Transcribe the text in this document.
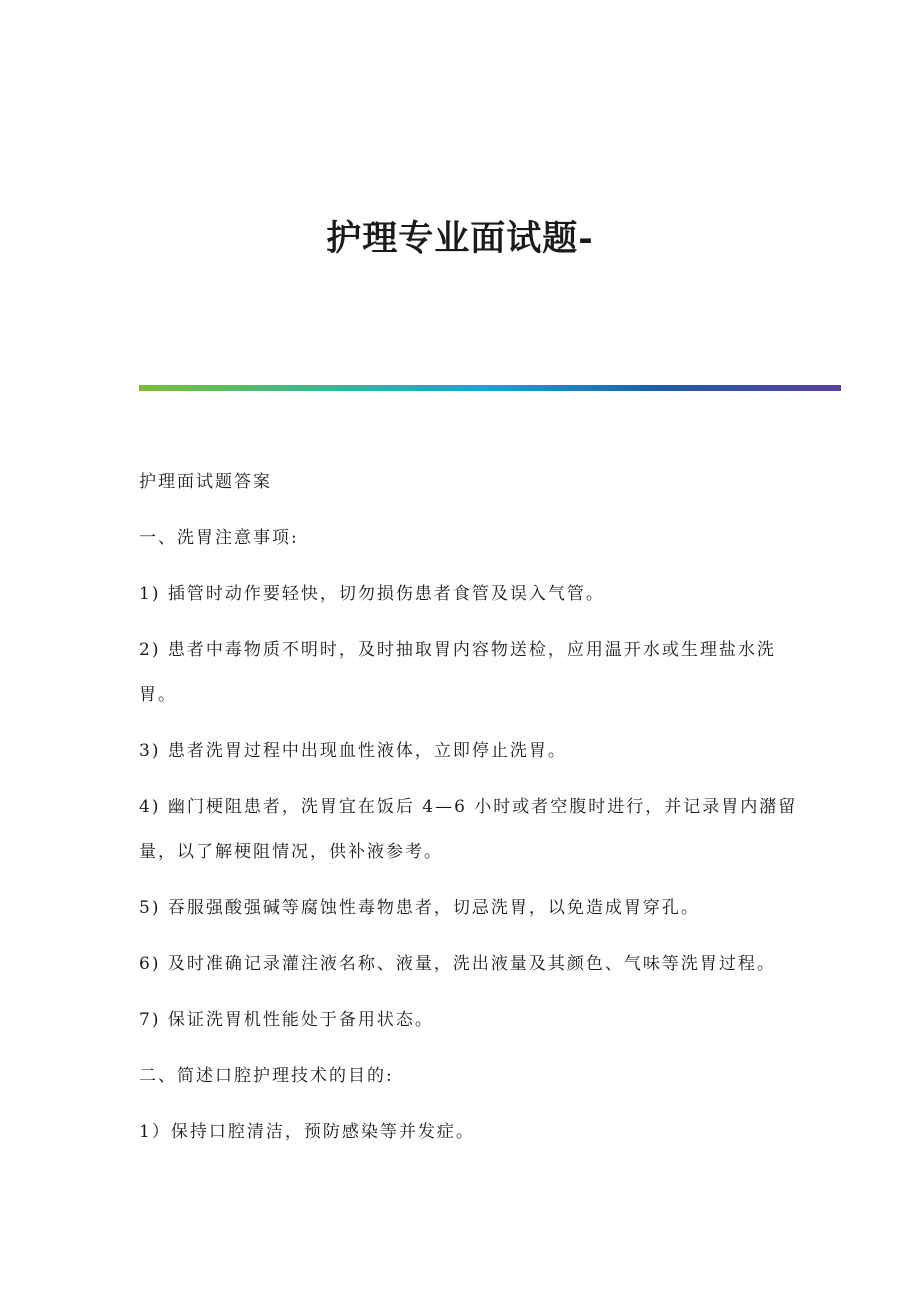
护理专业面试题-
护理面试题答案
一、洗胃注意事项:
1) 插管时动作要轻快，切勿损伤患者食管及误入气管。
2) 患者中毒物质不明时，及时抽取胃内容物送检，应用温开水或生理盐水洗
胃。
3) 患者洗胃过程中出现血性液体，立即停止洗胃。
4) 幽门梗阻患者，洗胃宜在饭后 4—6 小时或者空腹时进行，并记录胃内潴留
量，以了解梗阻情况，供补液参考。
5) 吞服强酸强碱等腐蚀性毒物患者，切忌洗胃，以免造成胃穿孔。
6) 及时准确记录灌注液名称、液量，洗出液量及其颜色、气味等洗胃过程。
7) 保证洗胃机性能处于备用状态。
二、简述口腔护理技术的目的:
1）保持口腔清洁，预防感染等并发症。
